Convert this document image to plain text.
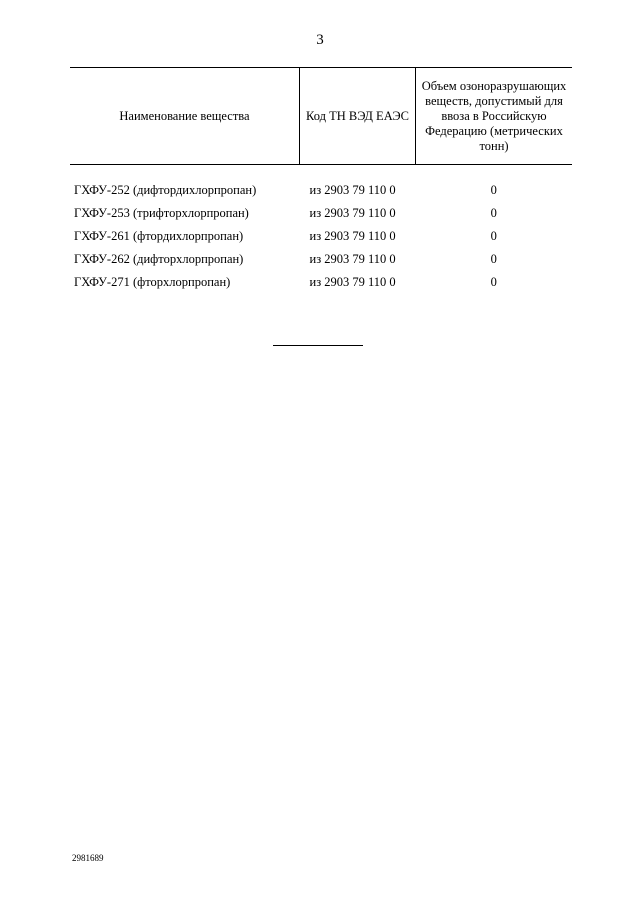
3
Наименование вещества	Код ТН ВЭД ЕАЭС	Объем озоноразрушающих веществ, допустимый для ввоза в Российскую Федерацию (метрических тонн)

ГХФУ-252 (дифтордихлорпропан)	из 2903 79 110 0	0
ГХФУ-253 (трифторхлорпропан)	из 2903 79 110 0	0
ГХФУ-261 (фтордихлорпропан)	из 2903 79 110 0	0
ГХФУ-262 (дифторхлорпропан)	из 2903 79 110 0	0
ГХФУ-271 (фторхлорпропан)	из 2903 79 110 0	0
2981689
